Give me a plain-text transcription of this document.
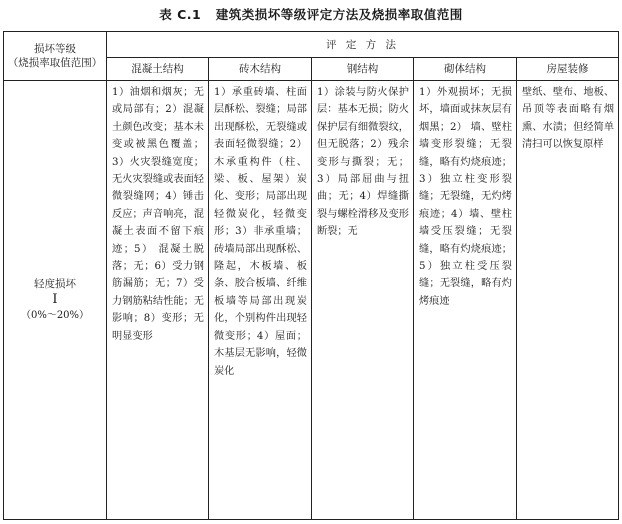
表 C.1   建筑类损坏等级评定方法及烧损率取值范围
损坏等级
（烧损率取值范围）	评 定 方 法				
	混凝土结构	砖木结构	钢结构	砌体结构	房屋装修

轻度损坏
I
（0%～20%）	1）油烟和烟灰；无或局部有；2）混凝土颜色改变；基本未变或被黑色覆盖；3）火灾裂缝宽度；无火灾裂缝或表面轻微裂缝网；4）锤击反应；声音响亮，混凝土表面不留下痕迹；5） 混凝土脱落；无；6）受力钢筋漏筋；无；7）受力钢筋粘结性能；无影响；8）变形；无明显变形	1）承重砖墙、柱面层酥松、裂缝；局部出现酥松，无裂缝或表面轻微裂缝；2）木承重构件（柱、梁、板、屋架）炭化、变形；局部出现轻微炭化，轻微变形；3）非承重墙；砖墙局部出现酥松、隆起，木板墙、板条、胶合板墙、纤维板墙等局部出现炭化，个别构件出现轻微变形；4）屋面；木基层无影响，轻微炭化	1）涂装与防火保护层：基本无损；防火保护层有细微裂纹，但无脱落；2）残余变形与撕裂；无；3）局部屈曲与扭曲；无；4）焊缝撕裂与螺栓滑移及变形断裂；无	1）外观损坏；无损坏，墙面或抹灰层有烟黑；2） 墙、壁柱墙变形裂缝；无裂缝，略有灼烧痕迹；3）独立柱变形裂缝；无裂缝，无灼烤痕迹；4）墙、壁柱墙受压裂缝；无裂缝，略有灼烧痕迹；5）独立柱受压裂缝；无裂缝，略有灼烤痕迹	壁纸、壁布、地板、吊顶等表面略有烟熏、水渍；但经简单清扫可以恢复原样
